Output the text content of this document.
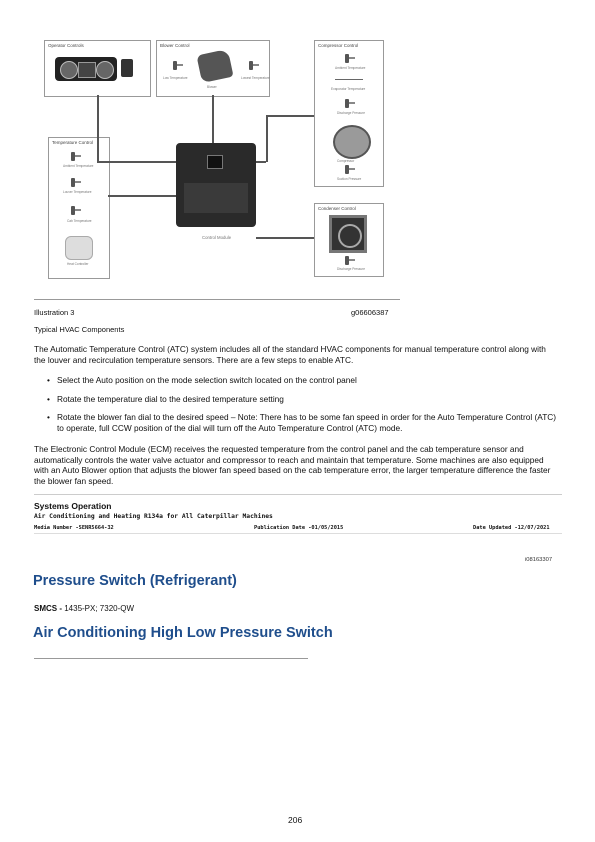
Operator Controls	Blower Control
Low Temperature
Blower
Lowest Temperature
Compressor Control
Ambient Temperature
Evaporator Temperature
Discharge Pressure
Compressor
Suction Pressure
Temperature Control
Ambient Temperature
Louver Temperature
Cab Temperature
Heat Controller
Condenser Control
Discharge Pressure
Control Module
Illustration 3	g06606387
Typical HVAC Components
The Automatic Temperature Control (ATC) system includes all of the standard HVAC components for manual temperature control along with the louver and recirculation temperature sensors. There are a few steps to enable ATC.
• Select the Auto position on the mode selection switch located on the control panel
• Rotate the temperature dial to the desired temperature setting
• Rotate the blower fan dial to the desired speed – Note: There has to be some fan speed in order for the Auto Temperature Control (ATC) to operate, full CCW position of the dial will turn off the Auto Temperature Control (ATC) mode.
The Electronic Control Module (ECM) receives the requested temperature from the control panel and the cab temperature sensor and automatically controls the water valve actuator and compressor to reach and maintain that temperature. Some machines are also equipped with an Auto Blower option that adjusts the blower fan speed based on the cab temperature error, the larger temperature difference the faster the blower fan speed.
Systems Operation
Air Conditioning and Heating R134a for All Caterpillar Machines
Media Number -SENR5664-32	Publication Date -01/05/2015	Date Updated -12/07/2021
i08163307
Pressure Switch (Refrigerant)
SMCS - 1435-PX; 7320-QW
Air Conditioning High Low Pressure Switch
206
